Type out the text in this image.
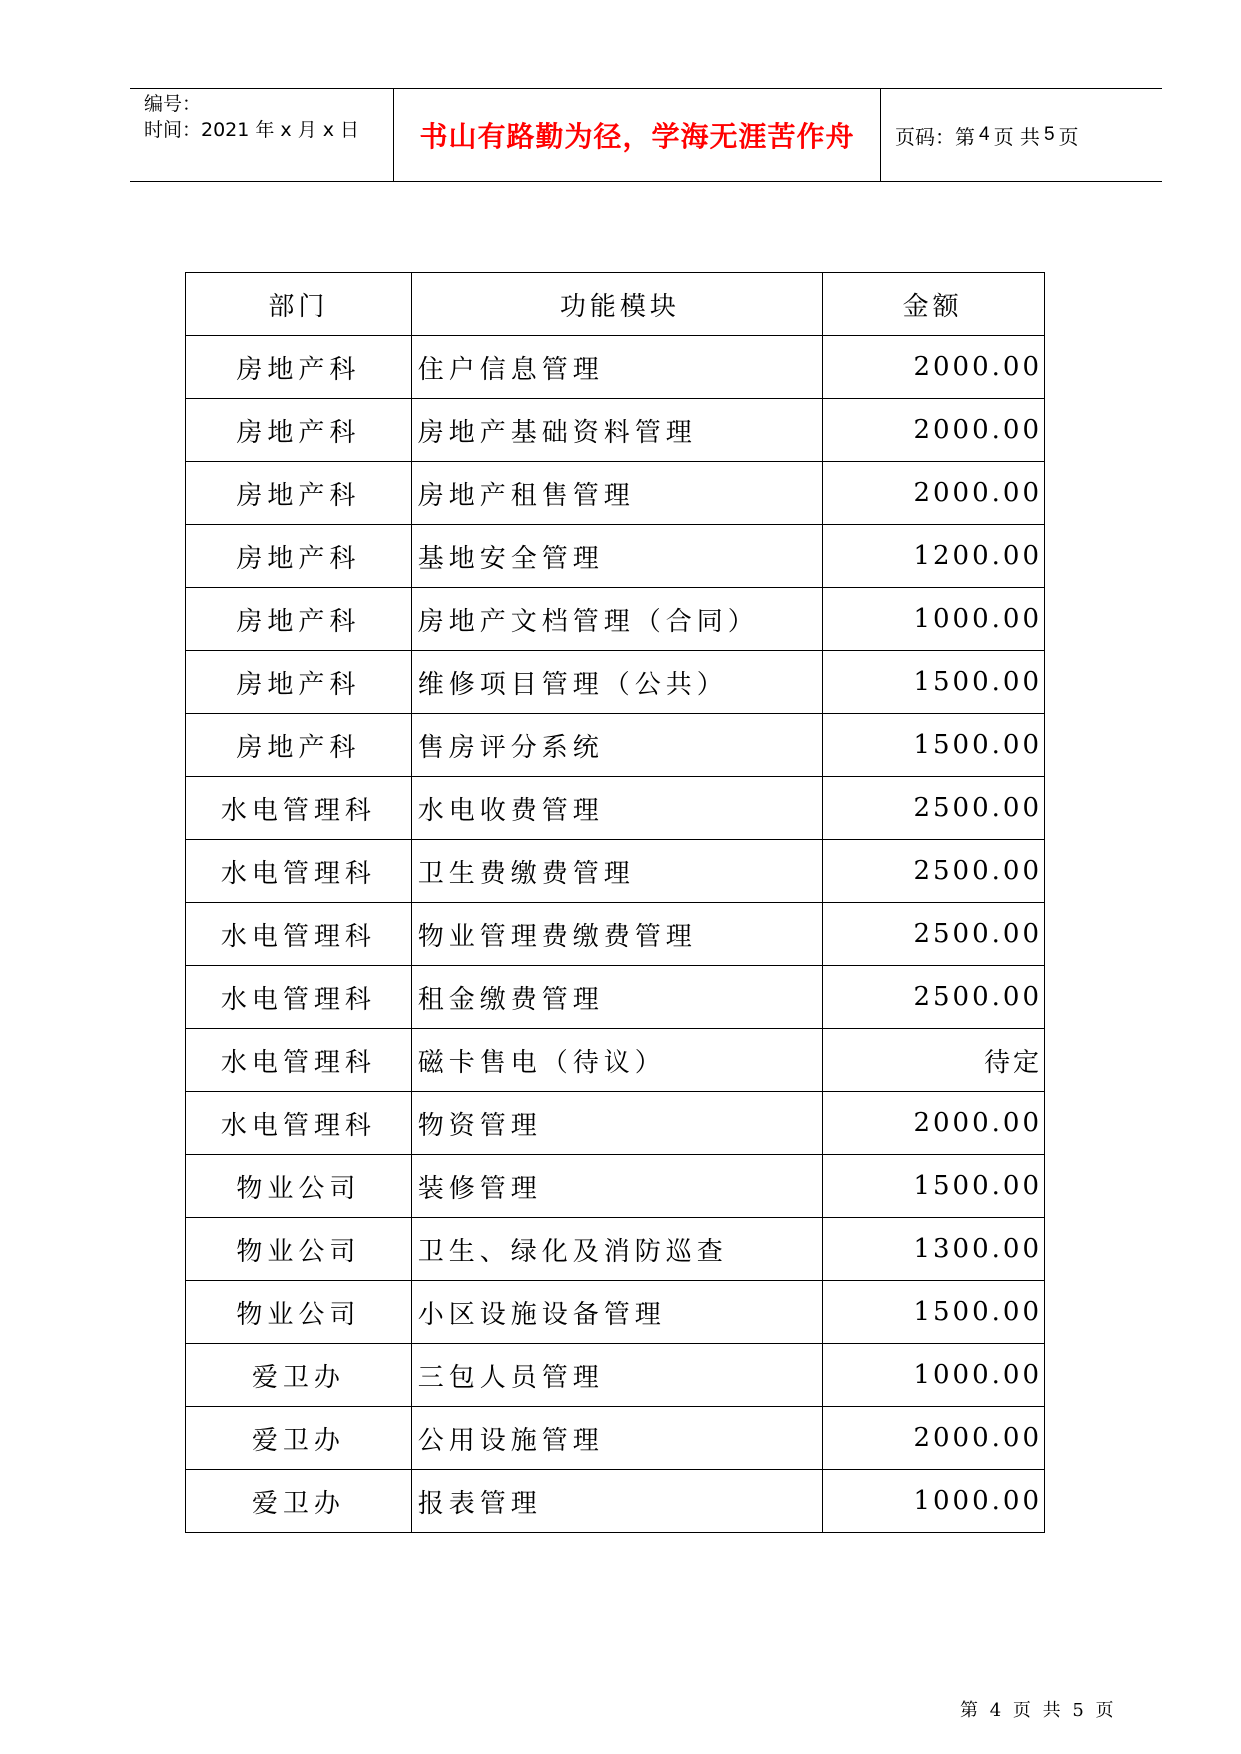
编号：
时间：2021 年 x 月 x 日	书山有路勤为径，学海无涯苦作舟	页码：第 4 页 共 5 页
部门	功能模块	金额
房地产科	住户信息管理	2000.00
房地产科	房地产基础资料管理	2000.00
房地产科	房地产租售管理	2000.00
房地产科	基地安全管理	1200.00
房地产科	房地产文档管理（合同）	1000.00
房地产科	维修项目管理（公共）	1500.00
房地产科	售房评分系统	1500.00
水电管理科	水电收费管理	2500.00
水电管理科	卫生费缴费管理	2500.00
水电管理科	物业管理费缴费管理	2500.00
水电管理科	租金缴费管理	2500.00
水电管理科	磁卡售电（待议）	待定
水电管理科	物资管理	2000.00
物业公司	装修管理	1500.00
物业公司	卫生、绿化及消防巡查	1300.00
物业公司	小区设施设备管理	1500.00
爱卫办	三包人员管理	1000.00
爱卫办	公用设施管理	2000.00
爱卫办	报表管理	1000.00
第 4 页 共 5 页
